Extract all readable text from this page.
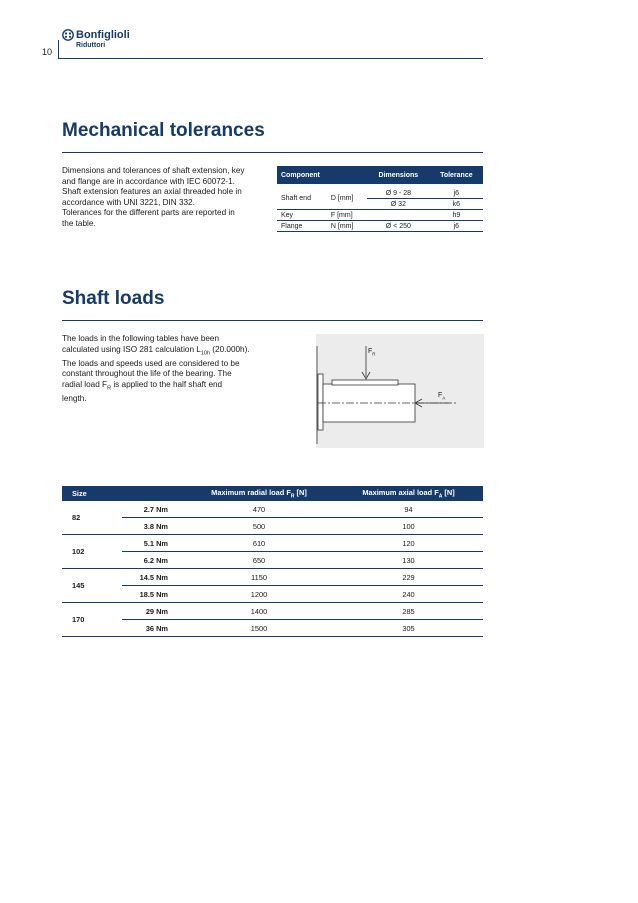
10
Bonfiglioli
Riduttori
Mechanical tolerances
Dimensions and tolerances of shaft extension, key
and flange are in accordance with IEC 60072-1.
Shaft extension features an axial threaded hole in
accordance with UNI 3221, DIN 332.
Tolerances for the different parts are reported in
the table.
Component		Dimensions	Tolerance

Shaft end	D [mm]	Ø 9 - 28	j6
		Ø 32	k6
Key	F [mm]		h9
Flange	N [mm]	Ø < 250	j6
Shaft loads
The loads in the following tables have been
calculated using ISO 281 calculation $L_{10h}$ (20.000h).
The loads and speeds used are considered to be
constant throughout the life of the bearing. The
radial load $F_R$ is applied to the half shaft end
length.
$F_R$
$F_A$
Size		Maximum radial load $F_R$ [N]	Maximum axial load $F_A$ [N]
82	2.7 Nm	470	94
	3.8 Nm	500	100
102	5.1 Nm	610	120
	6.2 Nm	650	130
145	14.5 Nm	1150	229
	18.5 Nm	1200	240
170	29 Nm	1400	285
	36 Nm	1500	305
